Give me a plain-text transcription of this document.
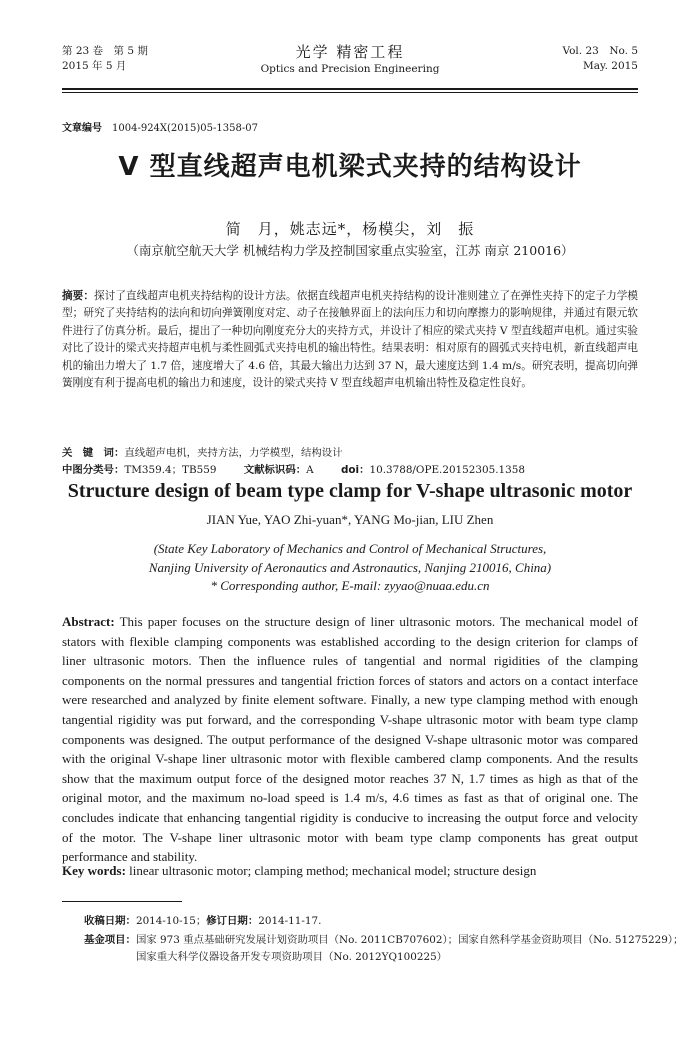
第 23 卷　第 5 期
2015 年 5 月
光学 精密工程
Optics and Precision Engineering
Vol. 23　No. 5
May. 2015
文章编号 1004-924X(2015)05-1358-07
V 型直线超声电机梁式夹持的结构设计
简　月，姚志远*，杨模尖，刘　振
（南京航空航天大学 机械结构力学及控制国家重点实验室，江苏 南京 210016）
摘要：探讨了直线超声电机夹持结构的设计方法。依据直线超声电机夹持结构的设计准则建立了在弹性夹持下的定子力学模型；研究了夹持结构的法向和切向弹簧刚度对定、动子在接触界面上的法向压力和切向摩擦力的影响规律，并通过有限元软件进行了仿真分析。最后，提出了一种切向刚度充分大的夹持方式，并设计了相应的梁式夹持 V 型直线超声电机。通过实验对比了设计的梁式夹持超声电机与柔性圆弧式夹持电机的输出特性。结果表明：相对原有的圆弧式夹持电机，新直线超声电机的输出力增大了 1.7 倍，速度增大了 4.6 倍，其最大输出力达到 37 N，最大速度达到 1.4 m/s。研究表明，提高切向弹簧刚度有利于提高电机的输出力和速度，设计的梁式夹持 V 型直线超声电机输出特性及稳定性良好。
关　键　词：直线超声电机，夹持方法，力学模型，结构设计
中图分类号：TM359.4；TB559	文献标识码：A	doi：10.3788/OPE.20152305.1358
Structure design of beam type clamp for V-shape ultrasonic motor
JIAN Yue, YAO Zhi-yuan*, YANG Mo-jian, LIU Zhen
(State Key Laboratory of Mechanics and Control of Mechanical Structures,
Nanjing University of Aeronautics and Astronautics, Nanjing 210016, China)
* Corresponding author, E-mail: zyyao@nuaa.edu.cn
Abstract: This paper focuses on the structure design of liner ultrasonic motors. The mechanical model of stators with flexible clamping components was established according to the design criterion for clamps of liner ultrasonic motors. Then the influence rules of tangential and normal rigidities of the clamping components on the normal pressures and tangential friction forces of stators and actors on a contact interface were researched and analyzed by finite element software. Finally, a new type clamping method with enough tangential rigidity was put forward, and the corresponding V-shape ultrasonic motor with beam type clamp components was designed. The output performance of the designed V-shape ultrasonic motor was compared with the original V-shape liner ultrasonic motor with flexible cambered clamp components. And the results show that the maximum output force of the designed motor reaches 37 N, 1.7 times as high as that of the original motor, and the maximum no-load speed is 1.4 m/s, 4.6 times as fast as that of original one. The concludes indicate that enhancing tangential rigidity is conducive to increasing the output force and velocity of the motor. The V-shape liner ultrasonic motor with beam type clamp components has great output performance and stability.
Key words: linear ultrasonic motor; clamping method; mechanical model; structure design
收稿日期：2014-10-15；修订日期：2014-11-17.
基金项目：国家 973 重点基础研究发展计划资助项目（No. 2011CB707602）；国家自然科学基金资助项目（No. 51275229）；国家重大科学仪器设备开发专项资助项目（No. 2012YQ100225）
